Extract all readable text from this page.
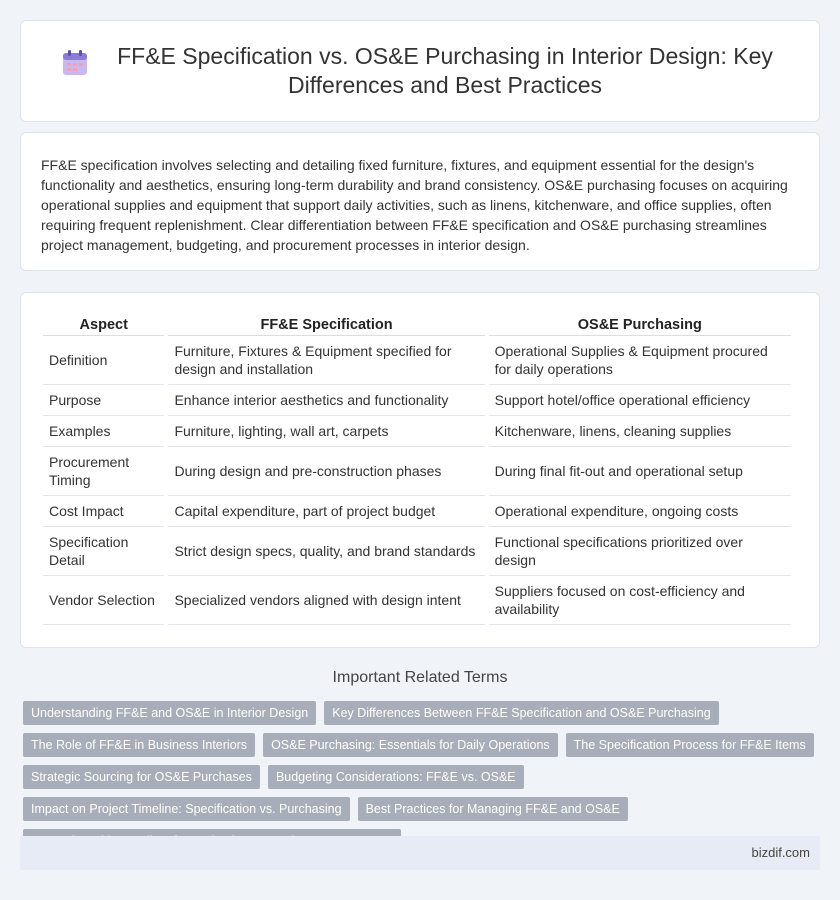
FF&E Specification vs. OS&E Purchasing in Interior Design: Key Differences and Best Practices

FF&E specification involves selecting and detailing fixed furniture, fixtures, and equipment essential for the design's functionality and aesthetics, ensuring long-term durability and brand consistency. OS&E purchasing focuses on acquiring operational supplies and equipment that support daily activities, such as linens, kitchenware, and office supplies, often requiring frequent replenishment. Clear differentiation between FF&E specification and OS&E purchasing streamlines project management, budgeting, and procurement processes in interior design.

Aspect	FF&E Specification	OS&E Purchasing
Definition	Furniture, Fixtures & Equipment specified for design and installation	Operational Supplies & Equipment procured for daily operations
Purpose	Enhance interior aesthetics and functionality	Support hotel/office operational efficiency
Examples	Furniture, lighting, wall art, carpets	Kitchenware, linens, cleaning supplies
Procurement Timing	During design and pre-construction phases	During final fit-out and operational setup
Cost Impact	Capital expenditure, part of project budget	Operational expenditure, ongoing costs
Specification Detail	Strict design specs, quality, and brand standards	Functional specifications prioritized over design
Vendor Selection	Specialized vendors aligned with design intent	Suppliers focused on cost-efficiency and availability
Important Related Terms
Understanding FF&E and OS&E in Interior Design	Key Differences Between FF&E Specification and OS&E Purchasing
The Role of FF&E in Business Interiors	OS&E Purchasing: Essentials for Daily Operations	The Specification Process for FF&E Items
Strategic Sourcing for OS&E Purchases	Budgeting Considerations: FF&E vs. OS&E
Impact on Project Timeline: Specification vs. Purchasing	Best Practices for Managing FF&E and OS&E
bizdif.com
